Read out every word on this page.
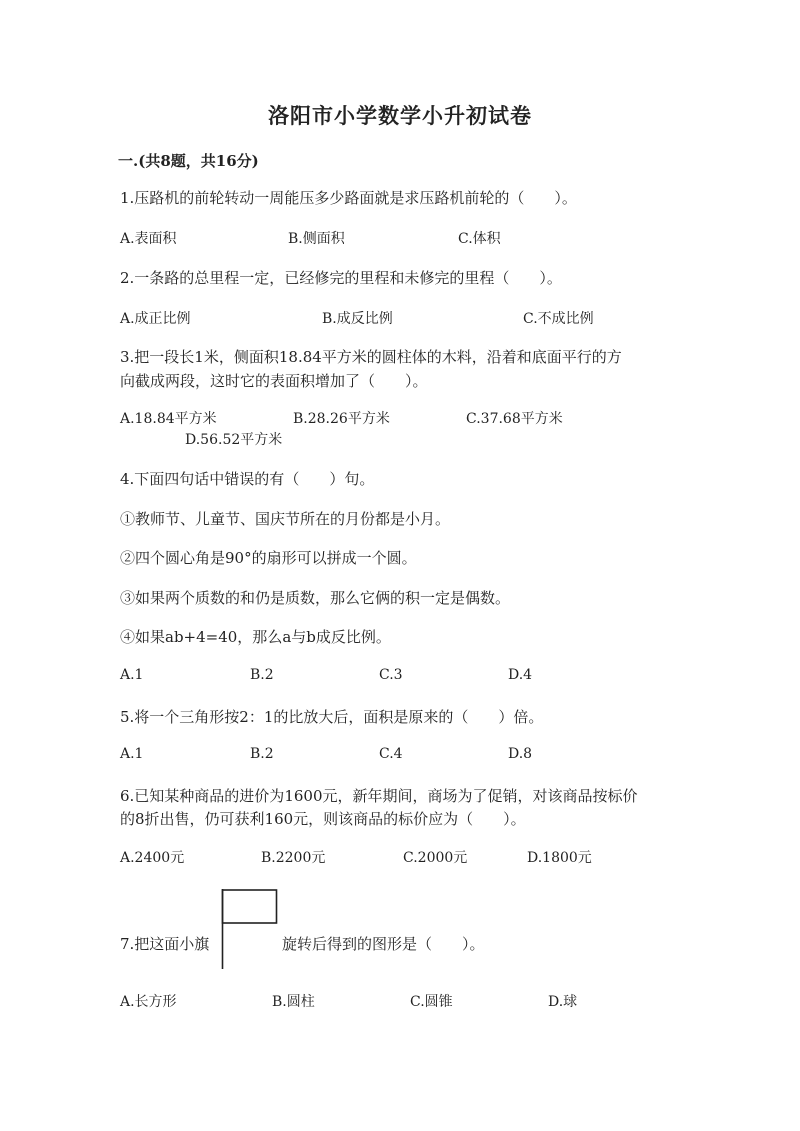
洛阳市小学数学小升初试卷
一.(共8题，共16分)
1.压路机的前轮转动一周能压多少路面就是求压路机前轮的（　　）。
A.表面积	B.侧面积	C.体积
2.一条路的总里程一定，已经修完的里程和未修完的里程（　　）。
A.成正比例	B.成反比例	C.不成比例
3.把一段长1米，侧面积18.84平方米的圆柱体的木料，沿着和底面平行的方
向截成两段，这时它的表面积增加了（　　）。
A.18.84平方米	B.28.26平方米	C.37.68平方米
D.56.52平方米
4.下面四句话中错误的有（　　）句。
①教师节、儿童节、国庆节所在的月份都是小月。
②四个圆心角是90°的扇形可以拼成一个圆。
③如果两个质数的和仍是质数，那么它俩的积一定是偶数。
④如果ab+4=40，那么a与b成反比例。
A.1	B.2	C.3	D.4
5.将一个三角形按2：1的比放大后，面积是原来的（　　）倍。
A.1	B.2	C.4	D.8
6.已知某种商品的进价为1600元，新年期间，商场为了促销，对该商品按标价
的8折出售，仍可获利160元，则该商品的标价应为（　　）。
A.2400元	B.2200元	C.2000元	D.1800元
7.把这面小旗	旋转后得到的图形是（　　）。
A.长方形	B.圆柱	C.圆锥	D.球
